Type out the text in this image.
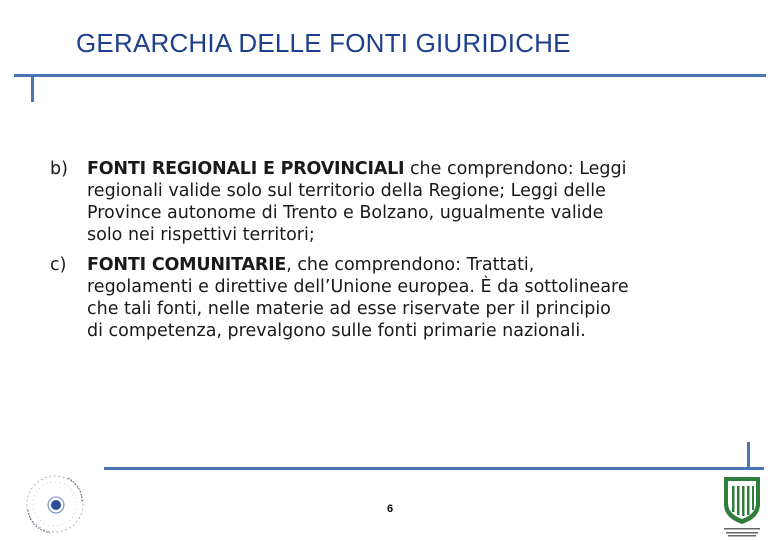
GERARCHIA DELLE FONTI GIURIDICHE
b) FONTI REGIONALI E PROVINCIALI che comprendono: Leggi
regionali valide solo sul territorio della Regione; Leggi delle
Province autonome di Trento e Bolzano, ugualmente valide
solo nei rispettivi territori;
c) FONTI COMUNITARIE, che comprendono: Trattati,
regolamenti e direttive dell’Unione europea. È da sottolineare
che tali fonti, nelle materie ad esse riservate per il principio
di competenza, prevalgono sulle fonti primarie nazionali.
6
